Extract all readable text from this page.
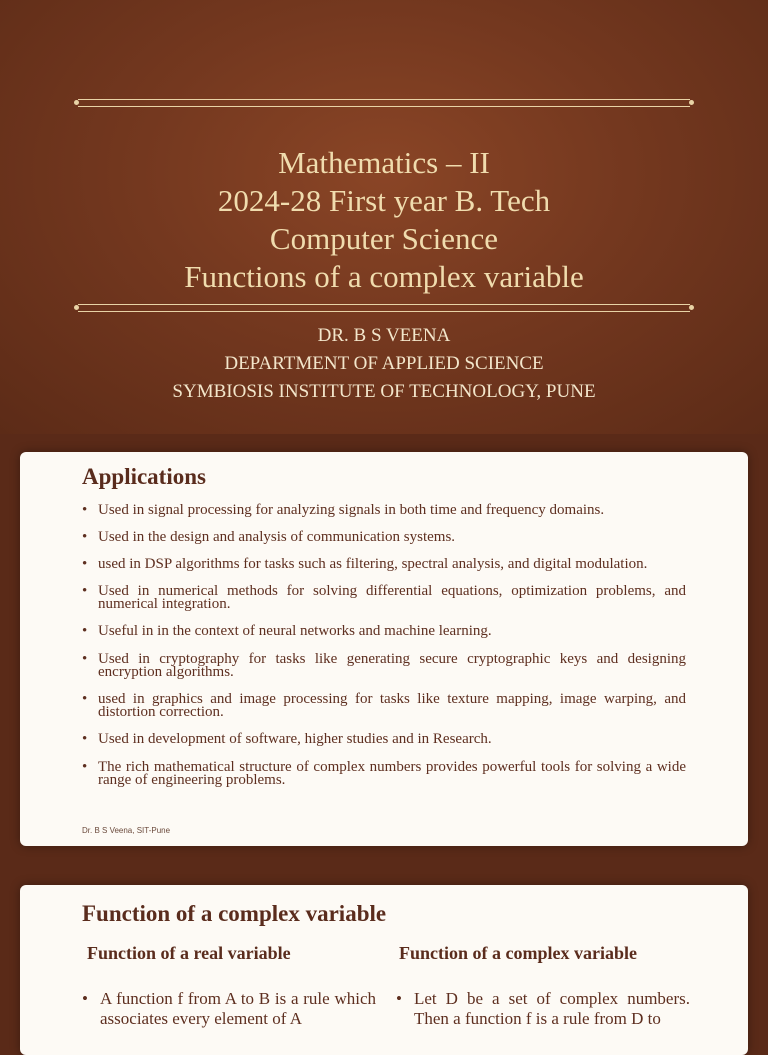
Mathematics – II
2024-28 First year B. Tech
Computer Science
Functions of a complex variable
DR. B S VEENA
DEPARTMENT OF APPLIED SCIENCE
SYMBIOSIS INSTITUTE OF TECHNOLOGY, PUNE
Applications
• Used in signal processing for analyzing signals in both time and frequency domains.
• Used in the design and analysis of communication systems.
• used in DSP algorithms for tasks such as filtering, spectral analysis, and digital modulation.
• Used in numerical methods for solving differential equations, optimization problems, and numerical integration.
• Useful in in the context of neural networks and machine learning.
• Used in cryptography for tasks like generating secure cryptographic keys and designing encryption algorithms.
• used in graphics and image processing for tasks like texture mapping, image warping, and distortion correction.
• Used in development of software, higher studies and in Research.
• The rich mathematical structure of complex numbers provides powerful tools for solving a wide range of engineering problems.
Dr. B S Veena, SIT-Pune
Function of a complex variable
Function of a real variable	Function of a complex variable
• A function f from A to B is a rule which associates every element of A
• Let D be a set of complex numbers. Then a function f is a rule from D to
